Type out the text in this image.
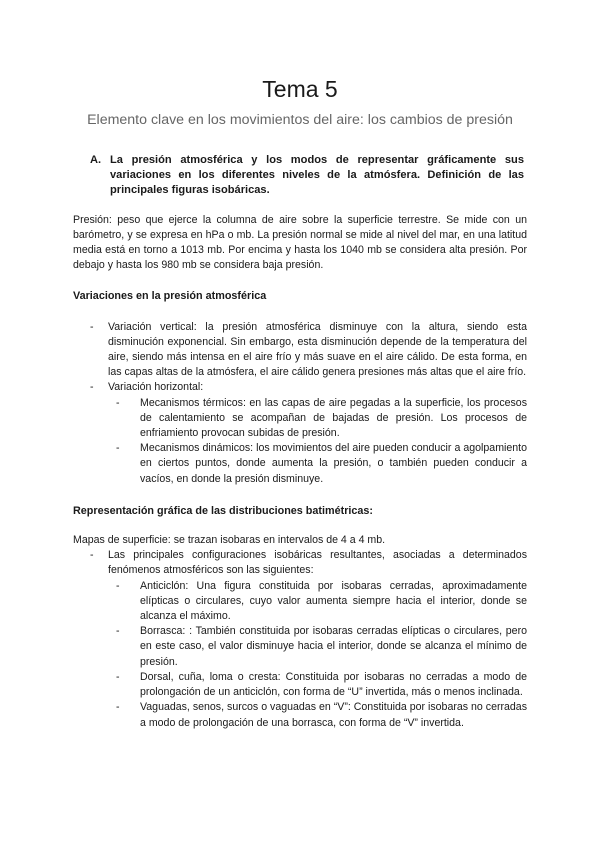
Tema 5
Elemento clave en los movimientos del aire: los cambios de presión
A. La presión atmosférica y los modos de representar gráficamente sus variaciones en los diferentes niveles de la atmósfera. Definición de las principales figuras isobáricas.

Presión: peso que ejerce la columna de aire sobre la superficie terrestre. Se mide con un barómetro, y se expresa en hPa o mb. La presión normal se mide al nivel del mar, en una latitud media está en torno a 1013 mb. Por encima y hasta los 1040 mb se considera alta presión. Por debajo y hasta los 980 mb se considera baja presión.

Variaciones en la presión atmosférica

-	Variación vertical: la presión atmosférica disminuye con la altura, siendo esta disminución exponencial. Sin embargo, esta disminución depende de la temperatura del aire, siendo más intensa en el aire frío y más suave en el aire cálido. De esta forma, en las capas altas de la atmósfera, el aire cálido genera presiones más altas que el aire frío.
-	Variación horizontal:
-	Mecanismos térmicos: en las capas de aire pegadas a la superficie, los procesos de calentamiento se acompañan de bajadas de presión. Los procesos de enfriamiento provocan subidas de presión.
-	Mecanismos dinámicos: los movimientos del aire pueden conducir a agolpamiento en ciertos puntos, donde aumenta la presión, o también pueden conducir a vacíos, en donde la presión disminuye.

Representación gráfica de las distribuciones batimétricas:

Mapas de superficie: se trazan isobaras en intervalos de 4 a 4 mb.

-	Las principales configuraciones isobáricas resultantes, asociadas a determinados fenómenos atmosféricos son las siguientes:
-	Anticiclón: Una figura constituida por isobaras cerradas, aproximadamente elípticas o circulares, cuyo valor aumenta siempre hacia el interior, donde se alcanza el máximo.
-	Borrasca: : También constituida por isobaras cerradas elípticas o circulares, pero en este caso, el valor disminuye hacia el interior, donde se alcanza el mínimo de presión.
-	Dorsal, cuña, loma o cresta: Constituida por isobaras no cerradas a modo de prolongación de un anticiclón, con forma de “U” invertida, más o menos inclinada.
-	Vaguadas, senos, surcos o vaguadas en “V”: Constituida por isobaras no cerradas a modo de prolongación de una borrasca, con forma de “V” invertida.
